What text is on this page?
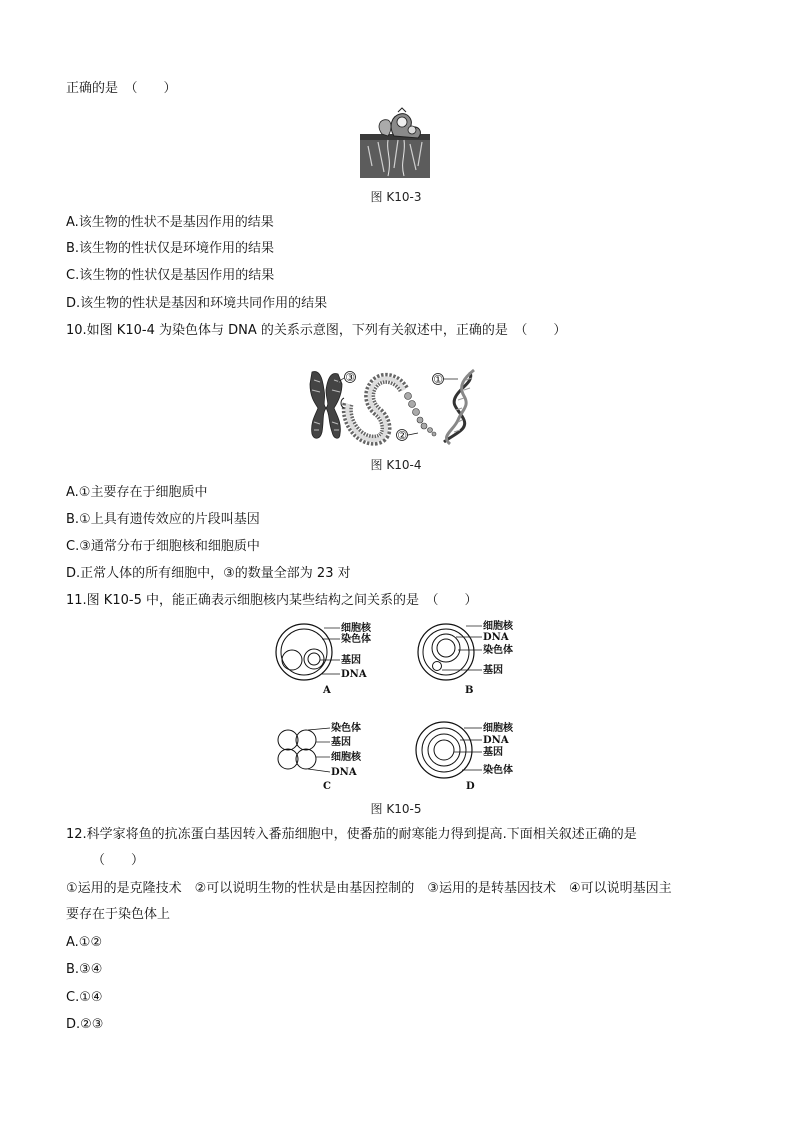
正确的是　（　　）
图 K10-3
A.该生物的性状不是基因作用的结果
B.该生物的性状仅是环境作用的结果
C.该生物的性状仅是基因作用的结果
D.该生物的性状是基因和环境共同作用的结果
10.如图 K10-4 为染色体与 DNA 的关系示意图，下列有关叙述中，正确的是　（　　）
③
②
①
图 K10-4
A.①主要存在于细胞质中
B.①上具有遗传效应的片段叫基因
C.③通常分布于细胞核和细胞质中
D.正常人体的所有细胞中，③的数量全部为 23 对
11.图 K10-5 中，能正确表示细胞核内某些结构之间关系的是　（　　）
细胞核
染色体
基因
DNA
A
细胞核
DNA
染色体
基因
B
染色体
基因
细胞核
DNA
C
细胞核
DNA
基因
染色体
D
图 K10-5
12.科学家将鱼的抗冻蛋白基因转入番茄细胞中，使番茄的耐寒能力得到提高.下面相关叙述正确的是
（　　）
①运用的是克隆技术　②可以说明生物的性状是由基因控制的　③运用的是转基因技术　④可以说明基因主
要存在于染色体上
A.①②
B.③④
C.①④
D.②③
